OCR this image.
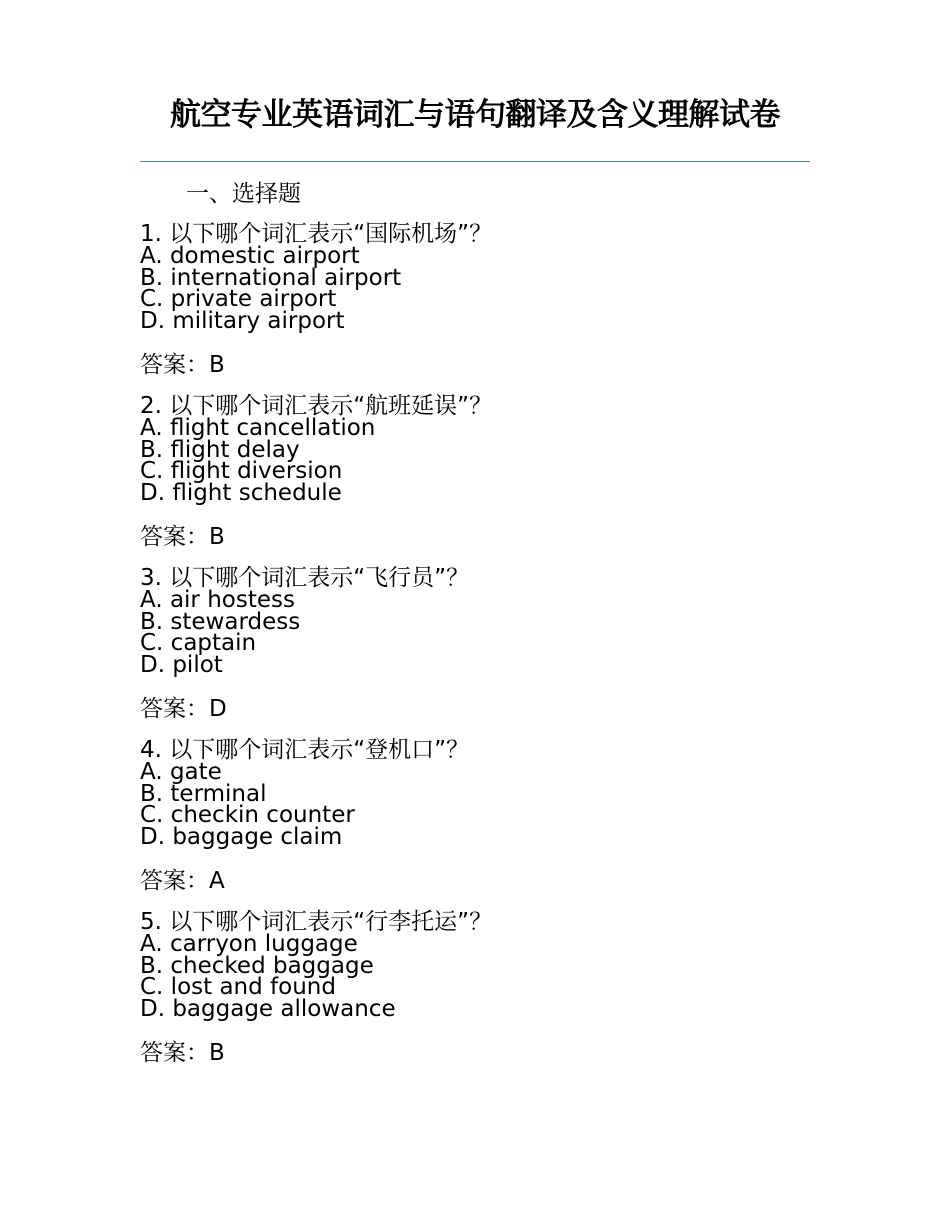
航空专业英语词汇与语句翻译及含义理解试卷

一、选择题

1. 以下哪个词汇表示“国际机场”？

A. domestic airport

B. international airport

C. private airport

D. military airport

答案：B

2. 以下哪个词汇表示“航班延误”？

A. flight cancellation

B. flight delay

C. flight diversion

D. flight schedule

答案：B

3. 以下哪个词汇表示“飞行员”？

A. air hostess

B. stewardess

C. captain

D. pilot

答案：D

4. 以下哪个词汇表示“登机口”？

A. gate

B. terminal

C. checkin counter

D. baggage claim

答案：A

5. 以下哪个词汇表示“行李托运”？

A. carryon luggage

B. checked baggage

C. lost and found

D. baggage allowance

答案：B
